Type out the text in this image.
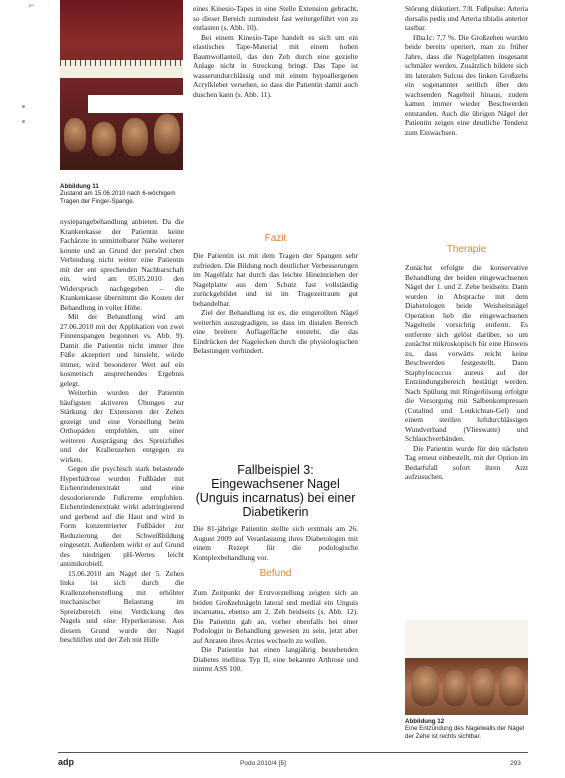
⌐
Abbildung 11
Zustand am 15.06.2010 nach 6-wöchigem Tragen der Finger-Spange.

nysiepangebehandlung anbieten. Da die Krankenkasse der Patientin keine Fachärzte in unmittelbarer Nähe weiterer konnte und an Grund der persönl chen Verbindung nicht weiter eine Patientin mit der ent sprechenden Nachbarschaft ein, wird am 05.05.2010 den Widerspruch nachgegeben – die Krankenkasse übernimmt die Kosten der Behandlung in voller Höhe.

Mit der Behandlung wird am 27.06.2010 mit der Applikation von zwei Finnenspangen begonnen vs. Abb. 9). Damit die Patientin nicht immer ihre Füße akzeptiert und hinsieht, würde immer, wird besonderer Wert auf ein kosmetisch ansprechendes Ergebnis gelegt.

Weiterhin wurden der Patientin häufigsten aktiveren Übungen zur Stärkung der Extensoren der Zehen gezeigt und eine Vorstellung beim Orthopäden empfohlen, um einer weiteren Ausprägung des Spreizfußes und der Krallenzehen entgegen zu wirken.

Gegen die psychisch stark belastende Hyperhidrose wurden Fußbäder mit Eichenrindenextrakt und eine desodorierende Fußcreme empfohlen. Eichenrindenextrakt wirkt adstringierend und gerbend auf die Haut und wird in Form konzentrierter Fußbäder zur Reduzierung der Schweißbildung eingesetzt. Außerdem wirkt er auf Grund des niedrigen pH-Wertes leicht antimikrobiell.

15.06.2010 am Nagel der 5. Zehen links ist sich durch die Krallenzehenstellung mit erhöhter mechanischer Belastung im Spreizbereich eine Verdickung des Nagels und eine Hyperkeratose. Aus diesem Grund wurde der Nagel beschliffen und der Zeh mit Hilfe

eines Kinesio-Tapes in eine Stelle Extension gebracht, so dieser Bereich zumindest fast weitergeführt von zu entlasten (s. Abb. 10).

Bei einem Kinesio-Tape handelt es sich um ein elastisches Tape-Material mit einem hohen Baumwollanteil, das den Zeh durch eine gezielte Anlage nicht in Streckung bringt. Das Tape ist wasserundurchlässig und mit einem hypoallergenen Acrylkleber versehen, so dass die Patientin damit auch duschen kann (s. Abb. 11).

Fazit

Die Patientin ist mit dem Tragen der Spangen sehr zufrieden. Die Bildung noch deutlicher Verbesserungen im Nagelfalz hat durch das leichte Hineinziehen der Nagelplatte aus dem Schutz fast vollständig zurückgebildet und ist im Tragezeitraum gut behandelbar.

Ziel der Behandlung ist es, die eingerollten Nägel weiterhin auszugradigen, so dass im distalen Bereich eine breitere Auflagefläche entsteht, die das Eindrücken der Nagelecken durch die physiologischen Belastungen verhindert.

Fallbeispiel 3: Eingewachsener Nagel (Unguis incarnatus) bei einer Diabetikerin

Die 81-jährige Patientin stellte sich erstmals am 26. August 2009 auf Veranlassung ihres Diabetologen mit einem Rezept für die podologische Komplexbehandlung vor.

Befund

Zum Zeitpunkt der Erstvorstellung zeigten sich an beiden Großzehnägeln lateral und medial ein Unguis incarnatus, ebenso am 2. Zeh beidseits (s. Abb. 12). Die Patientin gab an, vorher ebenfalls bei einer Podologin in Behandlung gewesen zu sein, jetzt aber auf Anraten ihres Arztes wechseln zu wollen.

Die Patientin hat einen langjährig bestehenden Diabetes mellitus Typ II, eine bekannte Arthrose und nimmt ASS 100.

Störung diskutiert. 7/8. Fußpulse: Arteria dorsalis pedis und Arteria tibialis anterior tastbar.

Hba1c: 7,7 %. Die Großzehen wurden beide bereits operiert, man zu früher Jahre, dass die Nagelplatten insgesamt schmäler werden. Zusätzlich bildete sich im lateralen Sulcus des linken Großzehs ein sogenannter seitlich über den wachsenden Nagelteil hinaus, zudem kamen immer wieder Beschwerden entstanden. Auch die übrigen Nägel der Patientin zeigen eine deutliche Tendenz zum Einwachsen.

Therapie

Zunächst erfolgte die konservative Behandlung der beiden eingewachsenen Nägel der 1. und 2. Zehe beidseits. Dann wurden in Absprache mit dem Diabetologen beide Weisheitsnägel Operation lieb die eingewachsenen Nagelteile vorsichtig entfernt. Es entfernte sich gelöst darüber, so um zunächst mikroskopisch für eine Hinweis zu, dass vorwärts reicht keine Beschwerden festgestellt. Dann Staphylococcus aureus auf der Entzündungsbereich bestätigt werden. Nach Spülung mit Ringerlösung erfolgte die Versorgung mit Salbenkompressen (Cutalind und Leukichtan-Gel) und einem sterilen luftdurchlässigen Wundverband (Vlieswatte) und Schlauchverbänden.

Die Patientin wurde für den nächsten Tag erneut einbestellt, mit der Option im Bedarfsfall sofort ihren Arzt aufzusuchen.

Abbildung 12
Eine Entzündung des Nagelwalls der Nägel der Zehe ist rechts sichtbar.
adp	Podo 2010/4 [5]	293
